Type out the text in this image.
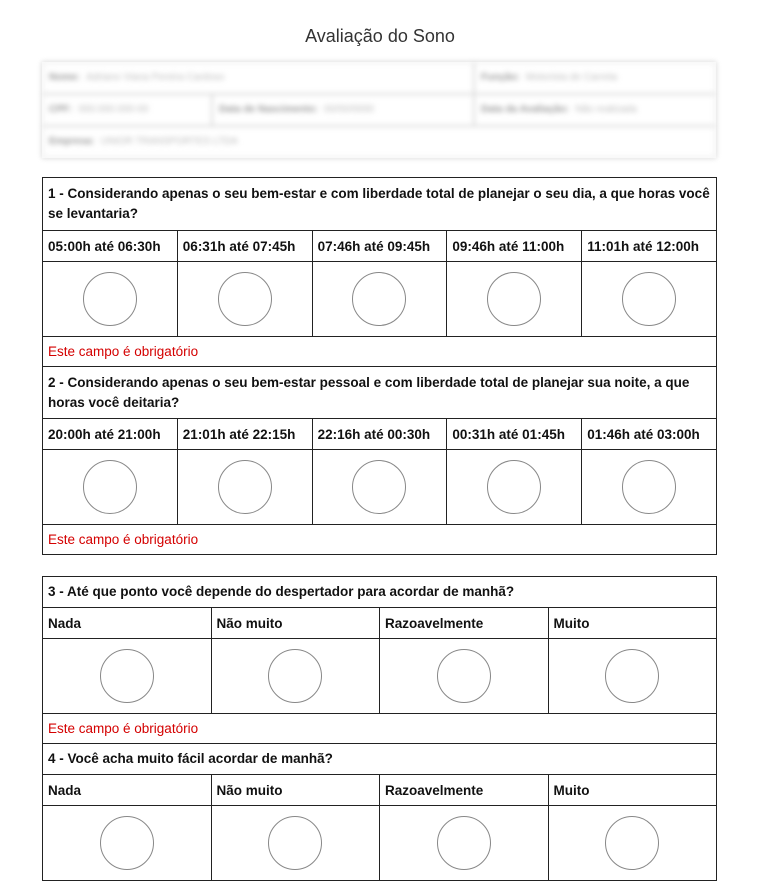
Avaliação do Sono
Nome: Adriano Viana Pereira Cardoso	Função: Motorista de Carreta
CPF: 000.000.000-00	Data de Nascimento: 00/00/0000	Data da Avaliação: Não realizada
Empresa: UNIOR TRANSPORTES LTDA
1 - Considerando apenas o seu bem-estar e com liberdade total de planejar o seu dia, a que horas você se levantaria?				
05:00h até 06:30h	06:31h até 07:45h	07:46h até 09:45h	09:46h até 11:00h	11:01h até 12:00h

Este campo é obrigatório				
2 - Considerando apenas o seu bem-estar pessoal e com liberdade total de planejar sua noite, a que horas você deitaria?				
20:00h até 21:00h	21:01h até 22:15h	22:16h até 00:30h	00:31h até 01:45h	01:46h até 03:00h

Este campo é obrigatório				
3 - Até que ponto você depende do despertador para acordar de manhã?			
Nada	Não muito	Razoavelmente	Muito

Este campo é obrigatório			
4 - Você acha muito fácil acordar de manhã?			
Nada	Não muito	Razoavelmente	Muito
